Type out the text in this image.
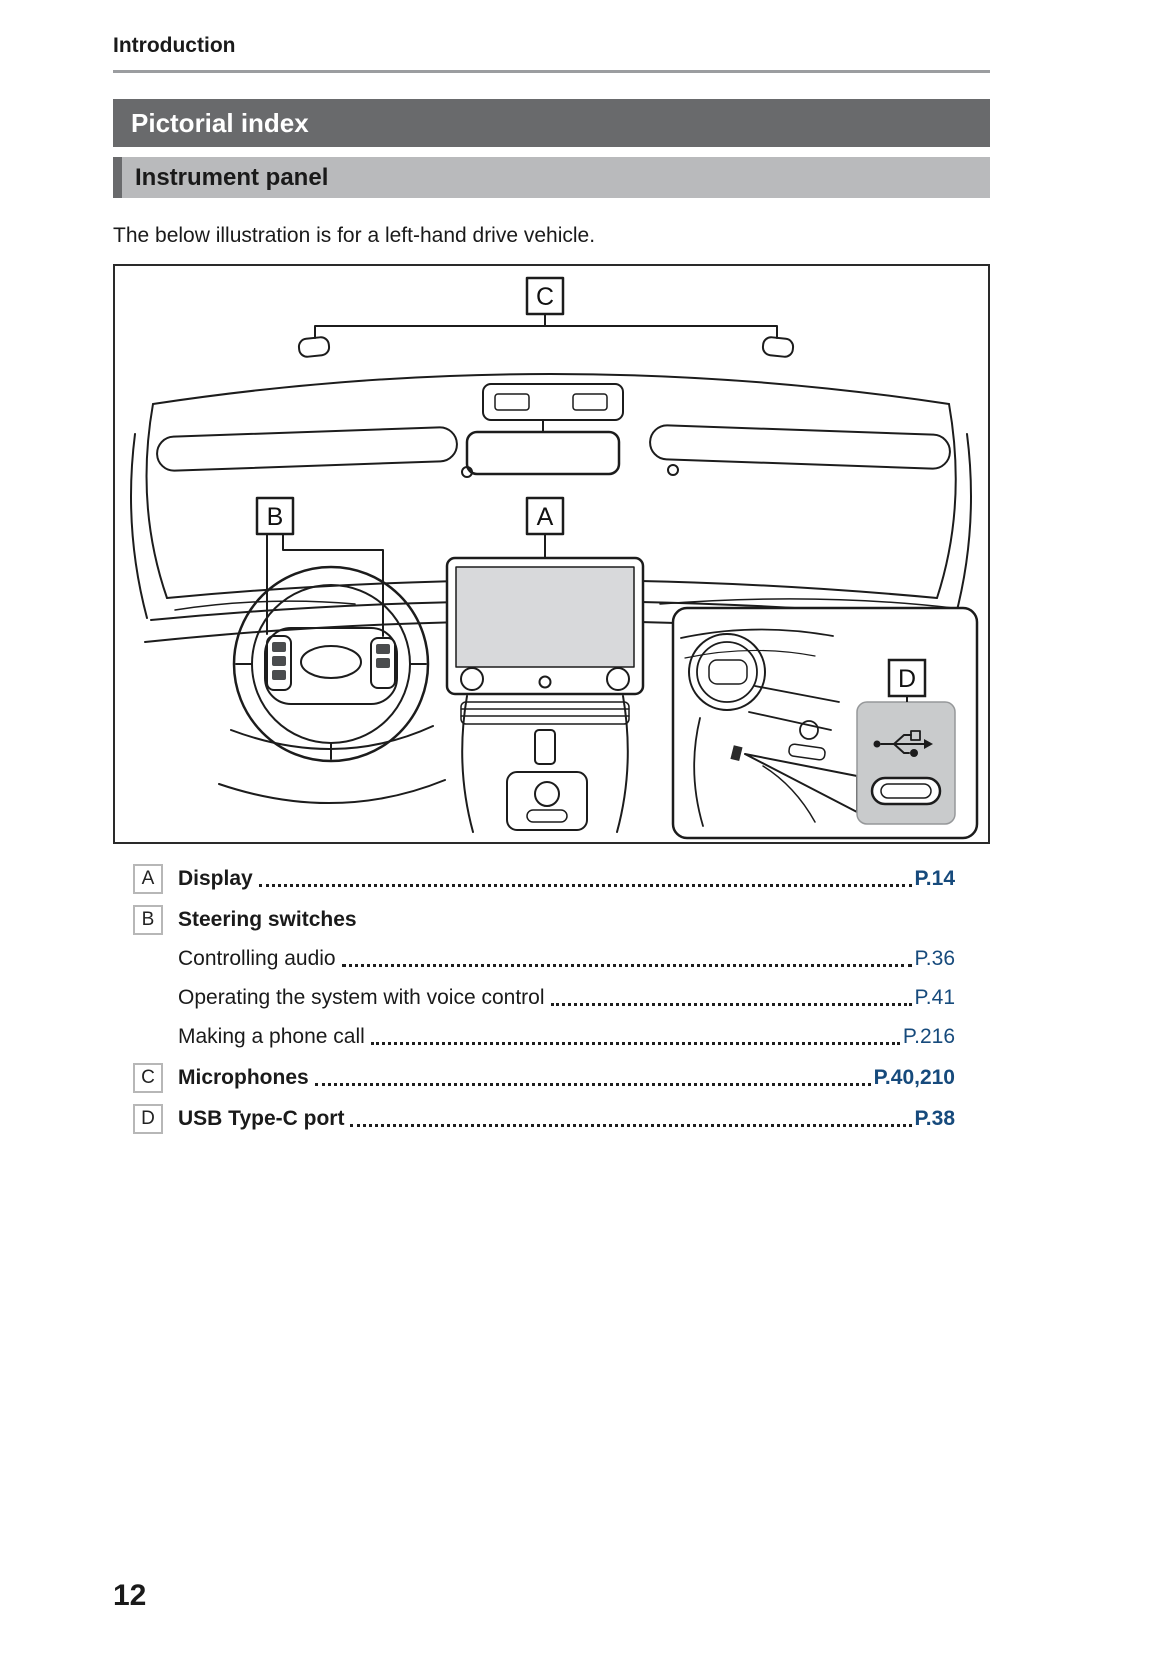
Introduction
Pictorial index
Instrument panel

The below illustration is for a left-hand drive vehicle.

C
B	A
D
A Display	P.14
B Steering switches
Controlling audio	P.36
Operating the system with voice control	P.41
Making a phone call	P.216
C Microphones	P.40,210
D USB Type-C port	P.38
12
